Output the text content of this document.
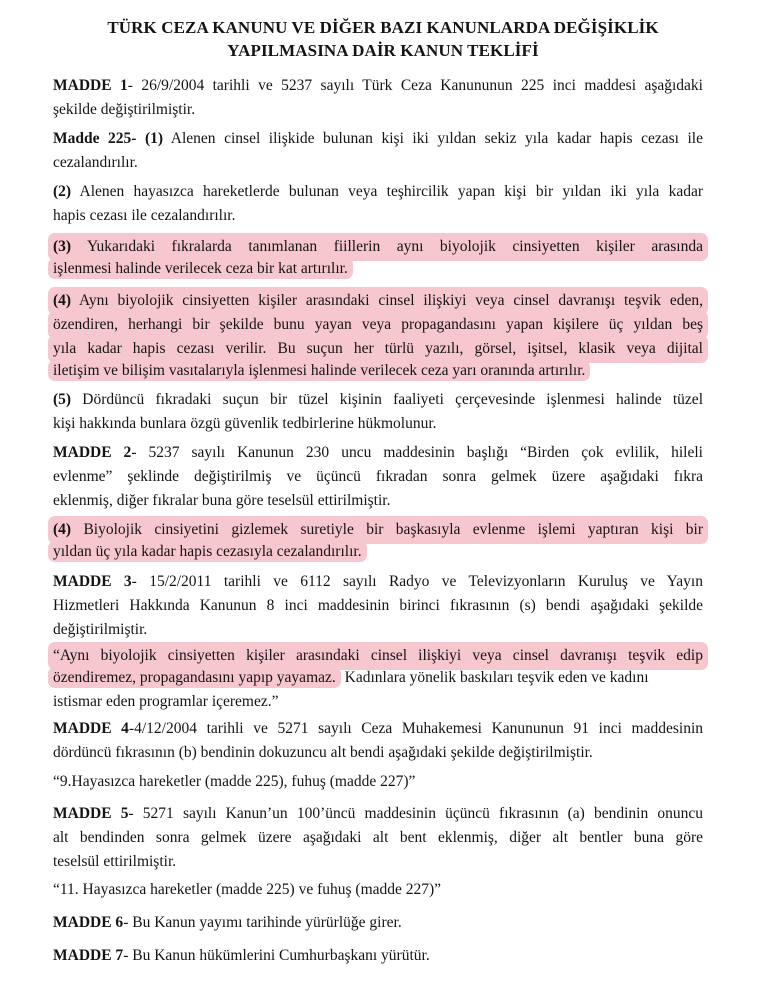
TÜRK CEZA KANUNU VE DİĞER BAZI KANUNLARDA DEĞİŞİKLİK
YAPILMASINA DAİR KANUN TEKLİFİ
MADDE 1- 26/9/2004 tarihli ve 5237 sayılı Türk Ceza Kanununun 225 inci maddesi aşağıdaki
şekilde değiştirilmiştir.
Madde 225- (1) Alenen cinsel ilişkide bulunan kişi iki yıldan sekiz yıla kadar hapis cezası ile
cezalandırılır.
(2) Alenen hayasızca hareketlerde bulunan veya teşhircilik yapan kişi bir yıldan iki yıla kadar
hapis cezası ile cezalandırılır.
(3) Yukarıdaki fıkralarda tanımlanan fiillerin aynı biyolojik cinsiyetten kişiler arasında
işlenmesi halinde verilecek ceza bir kat artırılır.
(4) Aynı biyolojik cinsiyetten kişiler arasındaki cinsel ilişkiyi veya cinsel davranışı teşvik eden,
özendiren, herhangi bir şekilde bunu yayan veya propagandasını yapan kişilere üç yıldan beş
yıla kadar hapis cezası verilir. Bu suçun her türlü yazılı, görsel, işitsel, klasik veya dijital
iletişim ve bilişim vasıtalarıyla işlenmesi halinde verilecek ceza yarı oranında artırılır.
(5) Dördüncü fıkradaki suçun bir tüzel kişinin faaliyeti çerçevesinde işlenmesi halinde tüzel
kişi hakkında bunlara özgü güvenlik tedbirlerine hükmolunur.
MADDE 2- 5237 sayılı Kanunun 230 uncu maddesinin başlığı “Birden çok evlilik, hileli
evlenme” şeklinde değiştirilmiş ve üçüncü fıkradan sonra gelmek üzere aşağıdaki fıkra
eklenmiş, diğer fıkralar buna göre teselsül ettirilmiştir.
(4) Biyolojik cinsiyetini gizlemek suretiyle bir başkasıyla evlenme işlemi yaptıran kişi bir
yıldan üç yıla kadar hapis cezasıyla cezalandırılır.
MADDE 3- 15/2/2011 tarihli ve 6112 sayılı Radyo ve Televizyonların Kuruluş ve Yayın
Hizmetleri Hakkında Kanunun 8 inci maddesinin birinci fıkrasının (s) bendi aşağıdaki şekilde
değiştirilmiştir.
“Aynı biyolojik cinsiyetten kişiler arasındaki cinsel ilişkiyi veya cinsel davranışı teşvik edip
özendiremez, propagandasını yapıp yayamaz. Kadınlara yönelik baskıları teşvik eden ve kadını
istismar eden programlar içeremez.”
MADDE 4-4/12/2004 tarihli ve 5271 sayılı Ceza Muhakemesi Kanununun 91 inci maddesinin
dördüncü fıkrasının (b) bendinin dokuzuncu alt bendi aşağıdaki şekilde değiştirilmiştir.
“9.Hayasızca hareketler (madde 225), fuhuş (madde 227)”
MADDE 5- 5271 sayılı Kanun’un 100’üncü maddesinin üçüncü fıkrasının (a) bendinin onuncu
alt bendinden sonra gelmek üzere aşağıdaki alt bent eklenmiş, diğer alt bentler buna göre
teselsül ettirilmiştir.
“11. Hayasızca hareketler (madde 225) ve fuhuş (madde 227)”
MADDE 6- Bu Kanun yayımı tarihinde yürürlüğe girer.
MADDE 7- Bu Kanun hükümlerini Cumhurbaşkanı yürütür.
